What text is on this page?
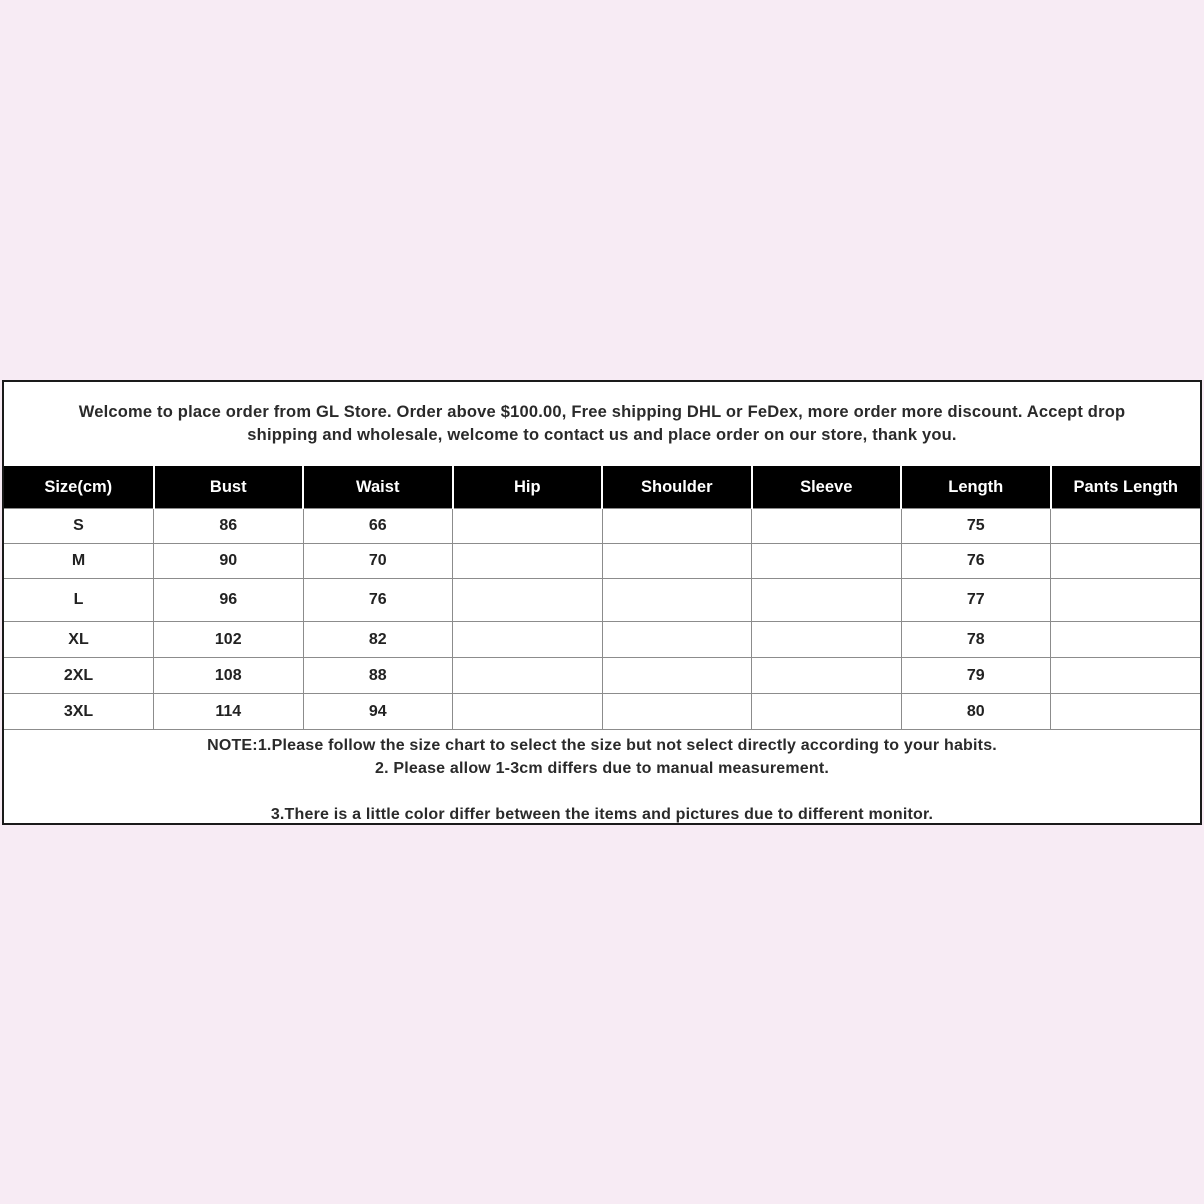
Welcome to place order from GL Store. Order above $100.00, Free shipping DHL or FeDex, more order more discount. Accept drop
shipping and wholesale, welcome to contact us and place order on our store, thank you.
Size(cm)	Bust	Waist	Hip	Shoulder	Sleeve	Length	Pants Length
S	86	66				75	
M	90	70				76	
L	96	76				77	
XL	102	82				78	
2XL	108	88				79	
3XL	114	94				80	
NOTE:1.Please follow the size chart to select the size but not select directly according to your habits.
2. Please allow 1-3cm differs due to manual measurement.
3.There is a little color differ between the items and pictures due to different monitor.
